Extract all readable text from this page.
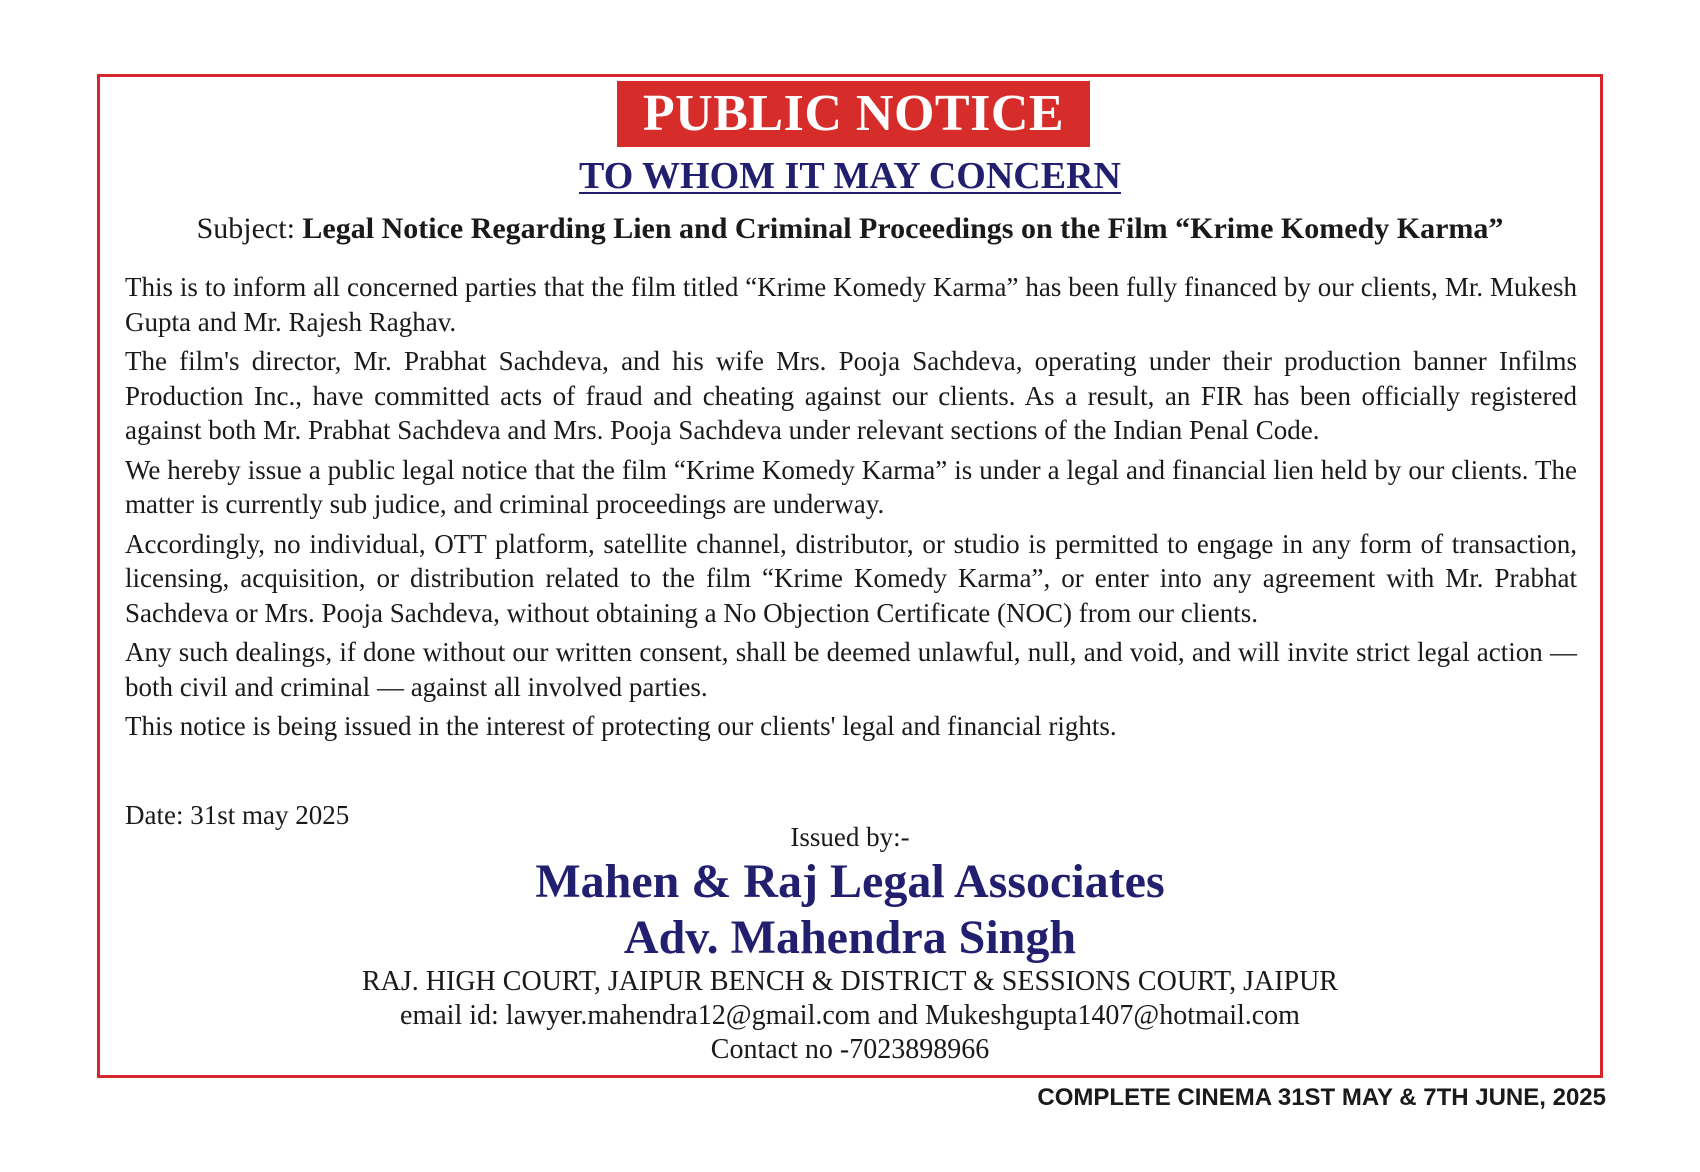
PUBLIC NOTICE
TO WHOM IT MAY CONCERN
Subject: Legal Notice Regarding Lien and Criminal Proceedings on the Film “Krime Komedy Karma”

This is to inform all concerned parties that the film titled “Krime Komedy Karma” has been fully financed by our clients, Mr. Mukesh Gupta and Mr. Rajesh Raghav.

The film's director, Mr. Prabhat Sachdeva, and his wife Mrs. Pooja Sachdeva, operating under their production banner Infilms Production Inc., have committed acts of fraud and cheating against our clients. As a result, an FIR has been officially registered against both Mr. Prabhat Sachdeva and Mrs. Pooja Sachdeva under relevant sections of the Indian Penal Code.

We hereby issue a public legal notice that the film “Krime Komedy Karma” is under a legal and financial lien held by our clients. The matter is currently sub judice, and criminal proceedings are underway.

Accordingly, no individual, OTT platform, satellite channel, distributor, or studio is permitted to engage in any form of transaction, licensing, acquisition, or distribution related to the film “Krime Komedy Karma”, or enter into any agreement with Mr. Prabhat Sachdeva or Mrs. Pooja Sachdeva, without obtaining a No Objection Certificate (NOC) from our clients.

Any such dealings, if done without our written consent, shall be deemed unlawful, null, and void, and will invite strict legal action — both civil and criminal — against all involved parties.

This notice is being issued in the interest of protecting our clients' legal and financial rights.

Date: 31st may 2025
Issued by:-
Mahen & Raj Legal Associates
Adv. Mahendra Singh
RAJ. HIGH COURT, JAIPUR BENCH & DISTRICT & SESSIONS COURT, JAIPUR
email id: lawyer.mahendra12@gmail.com and Mukeshgupta1407@hotmail.com
Contact no -7023898966
COMPLETE CINEMA 31ST MAY & 7TH JUNE, 2025
